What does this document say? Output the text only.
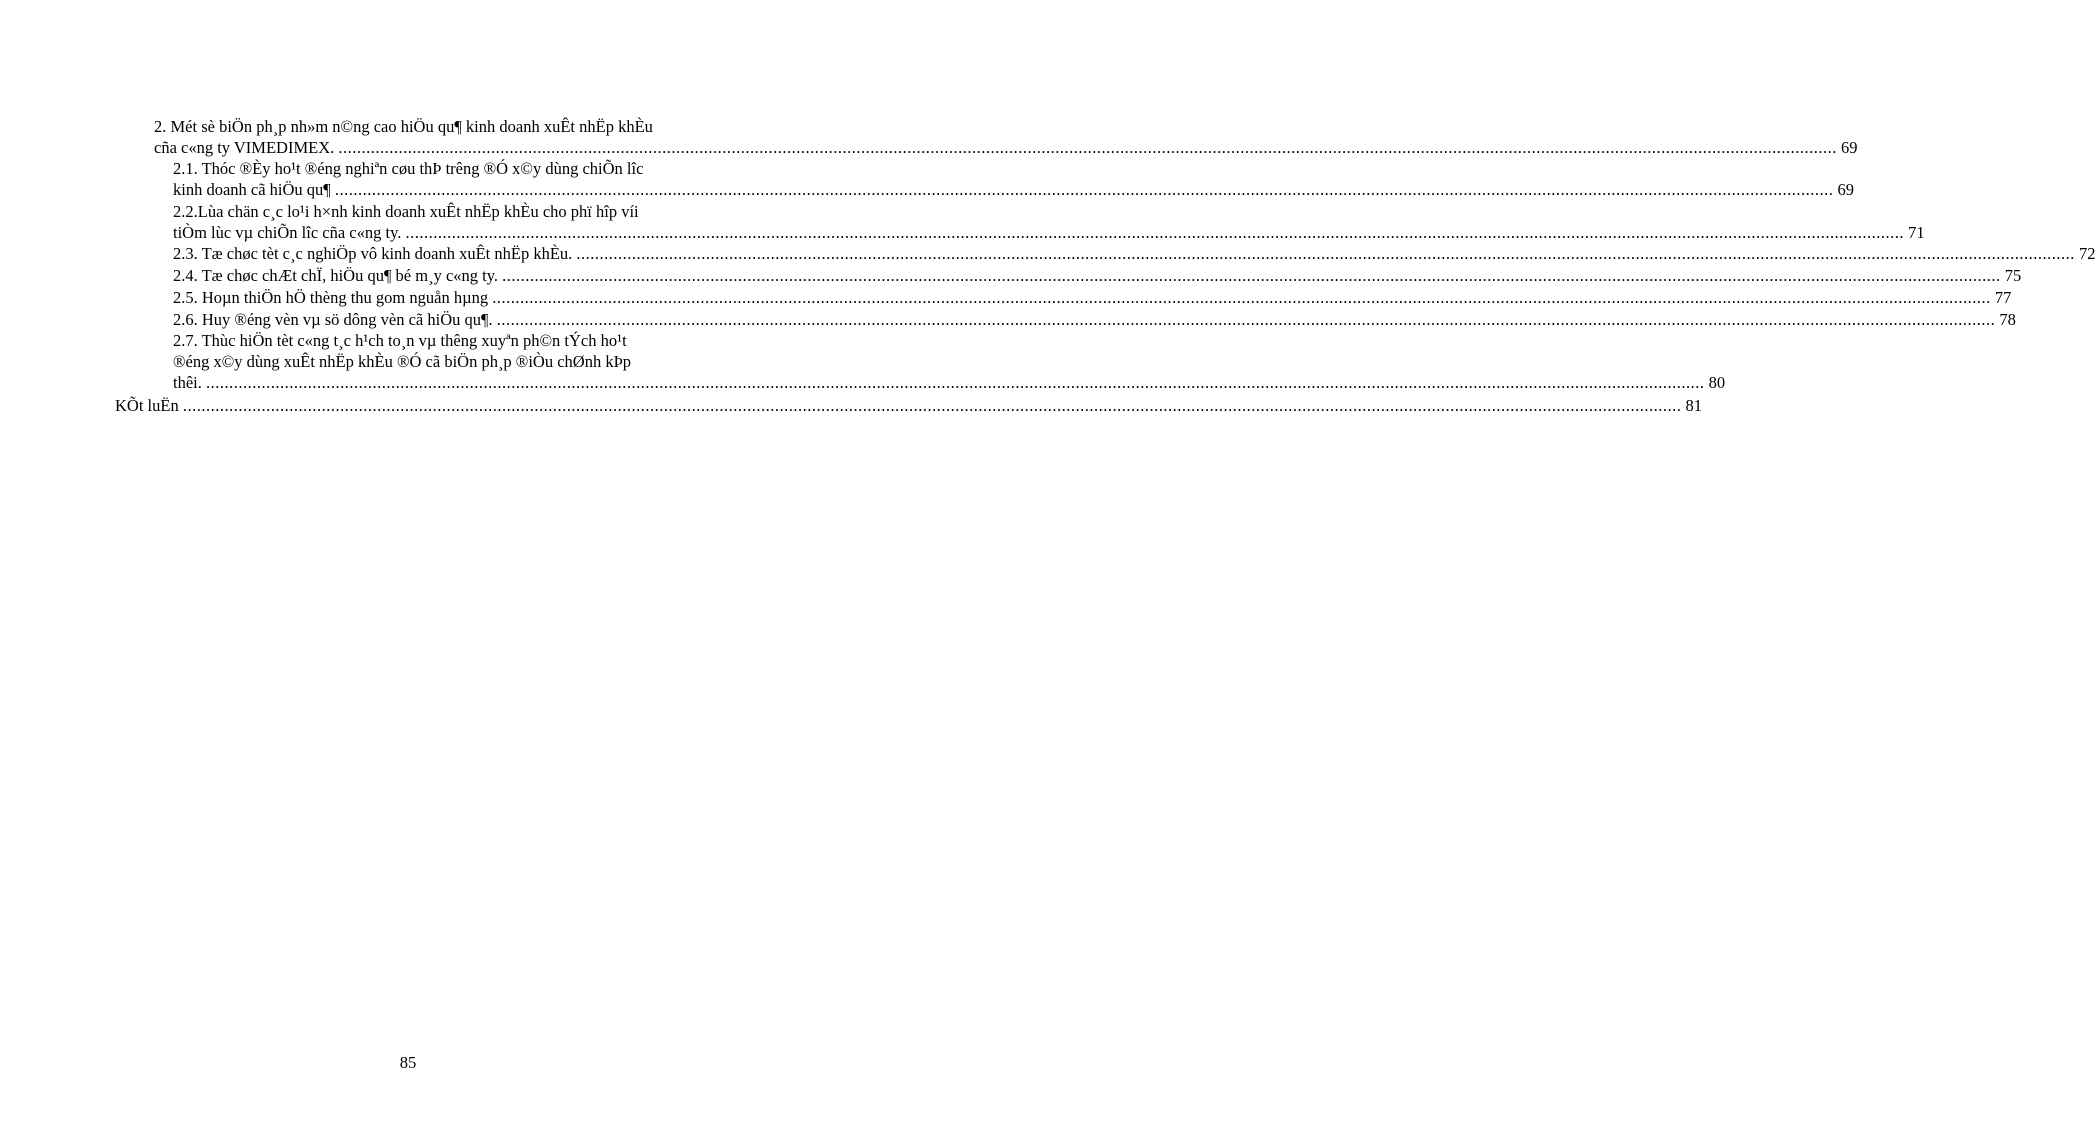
2. Mét sè biÖn ph¸p nh»m n©ng cao hiÖu qu¶ kinh doanh xuÊt nhËp khÈu
cña c«ng ty VIMEDIMEX. .....	69
2.1. Thóc ®Èy ho¹t ®éng nghiªn cøu thÞ trêng ®Ó x©y dùng chiÕn lîc
kinh doanh cã hiÖu qu¶ .....	69
2.2.Lùa chän c¸c lo¹i h×nh kinh doanh xuÊt nhËp khÈu cho phï hîp víi
tiÒm lùc vµ chiÕn lîc cña c«ng ty. .....	71
2.3. Tæ chøc tèt c¸c nghiÖp vô kinh doanh xuÊt nhËp khÈu. .....	72
2.4. Tæ chøc chÆt chÏ, hiÖu qu¶ bé m¸y c«ng ty. .....	75
2.5. Hoµn thiÖn hÖ thèng thu gom nguån hµng .....	77
2.6. Huy ®éng vèn vµ sö dông vèn cã hiÖu qu¶. .....	78
2.7. Thùc hiÖn tèt c«ng t¸c h¹ch to¸n vµ thêng xuyªn ph©n tÝch ho¹t
®éng x©y dùng xuÊt nhËp khÈu ®Ó cã biÖn ph¸p ®iÒu chØnh kÞp
thêi. .....	80
KÕt luËn .....	81
85
